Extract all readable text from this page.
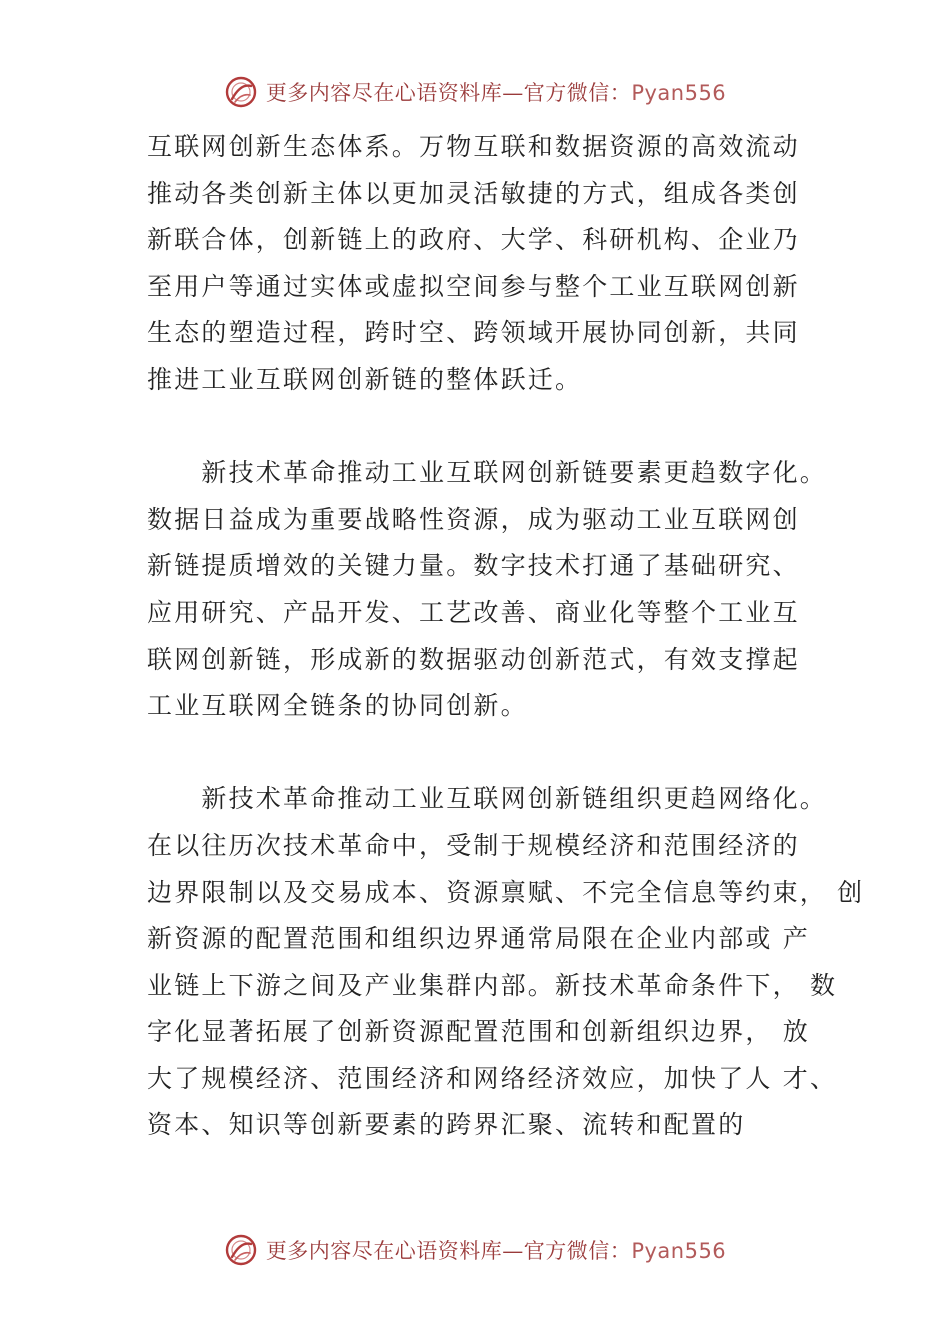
更多内容尽在心语资料库—官方微信：Pyan556
互联网创新生态体系。万物互联和数据资源的高效流动
推动各类创新主体以更加灵活敏捷的方式，组成各类创
新联合体，创新链上的政府、大学、科研机构、企业乃
至用户等通过实体或虚拟空间参与整个工业互联网创新
生态的塑造过程，跨时空、跨领域开展协同创新，共同
推进工业互联网创新链的整体跃迁。
　　新技术革命推动工业互联网创新链要素更趋数字化。
数据日益成为重要战略性资源，成为驱动工业互联网创
新链提质增效的关键力量。数字技术打通了基础研究、
应用研究、产品开发、工艺改善、商业化等整个工业互
联网创新链，形成新的数据驱动创新范式，有效支撑起
工业互联网全链条的协同创新。
　　新技术革命推动工业互联网创新链组织更趋网络化。
在以往历次技术革命中，受制于规模经济和范围经济的
边界限制以及交易成本、资源禀赋、不完全信息等约束， 创
新资源的配置范围和组织边界通常局限在企业内部或 产
业链上下游之间及产业集群内部。新技术革命条件下， 数
字化显著拓展了创新资源配置范围和创新组织边界， 放
大了规模经济、范围经济和网络经济效应，加快了人 才、
资本、知识等创新要素的跨界汇聚、流转和配置的
更多内容尽在心语资料库—官方微信：Pyan556
